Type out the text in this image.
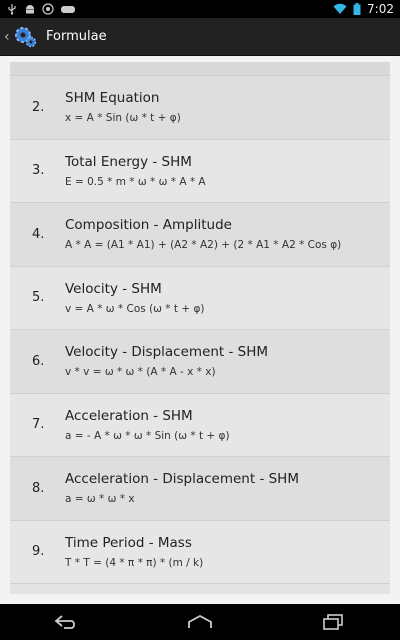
7:02
‹	Formulae
2.
SHM Equation
x = A * Sin (ω * t + φ)
3.
Total Energy - SHM
E = 0.5 * m * ω * ω * A * A
4.
Composition - Amplitude
A * A = (A1 * A1) + (A2 * A2) + (2 * A1 * A2 * Cos φ)
5.
Velocity - SHM
v = A * ω * Cos (ω * t + φ)
6.
Velocity - Displacement - SHM
v * v = ω * ω * (A * A - x * x)
7.
Acceleration - SHM
a = - A * ω * ω * Sin (ω * t + φ)
8.
Acceleration - Displacement - SHM
a = ω * ω * x
9.
Time Period - Mass
T * T = (4 * π * π) * (m / k)
